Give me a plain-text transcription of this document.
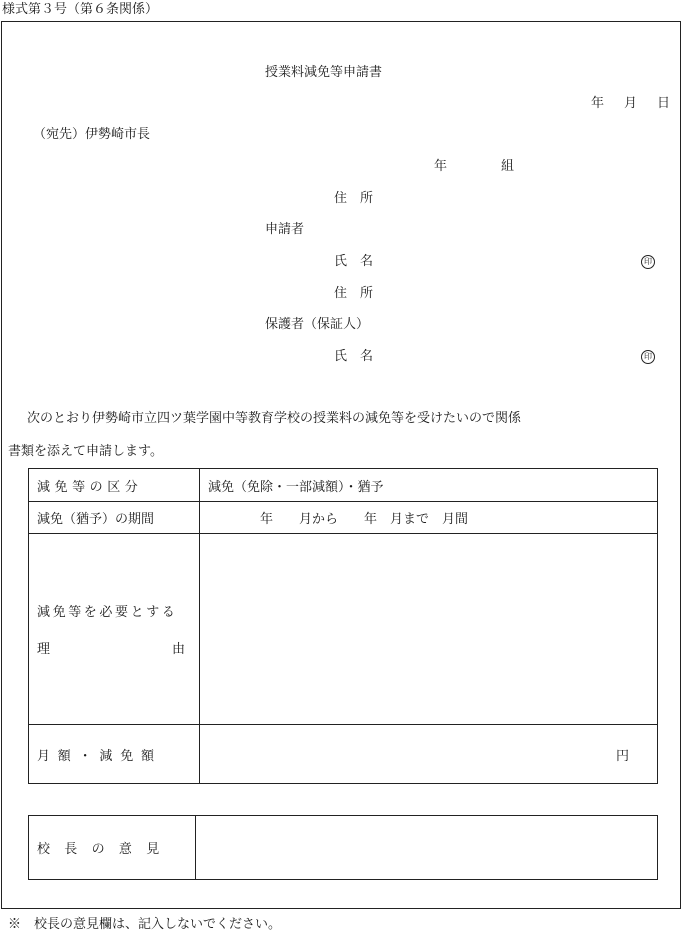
様式第３号（第６条関係）
授業料減免等申請書
年 月 日
（宛先）伊勢崎市長
年	組
住　所
申請者
氏　名	印
住　所
保護者（保証人）
氏　名	印
次のとおり伊勢崎市立四ツ葉学園中等教育学校の授業料の減免等を受けたいので関係
書類を添えて申請します。
減免等の区分	減免（免除・一部減額）・猶予
減免（猶予）の期間	年　　月から　　年　月まで　月間

減免等を必要とする
理 由	

月額・減免額	円
校長の意見	
※　校長の意見欄は、記入しないでください。
